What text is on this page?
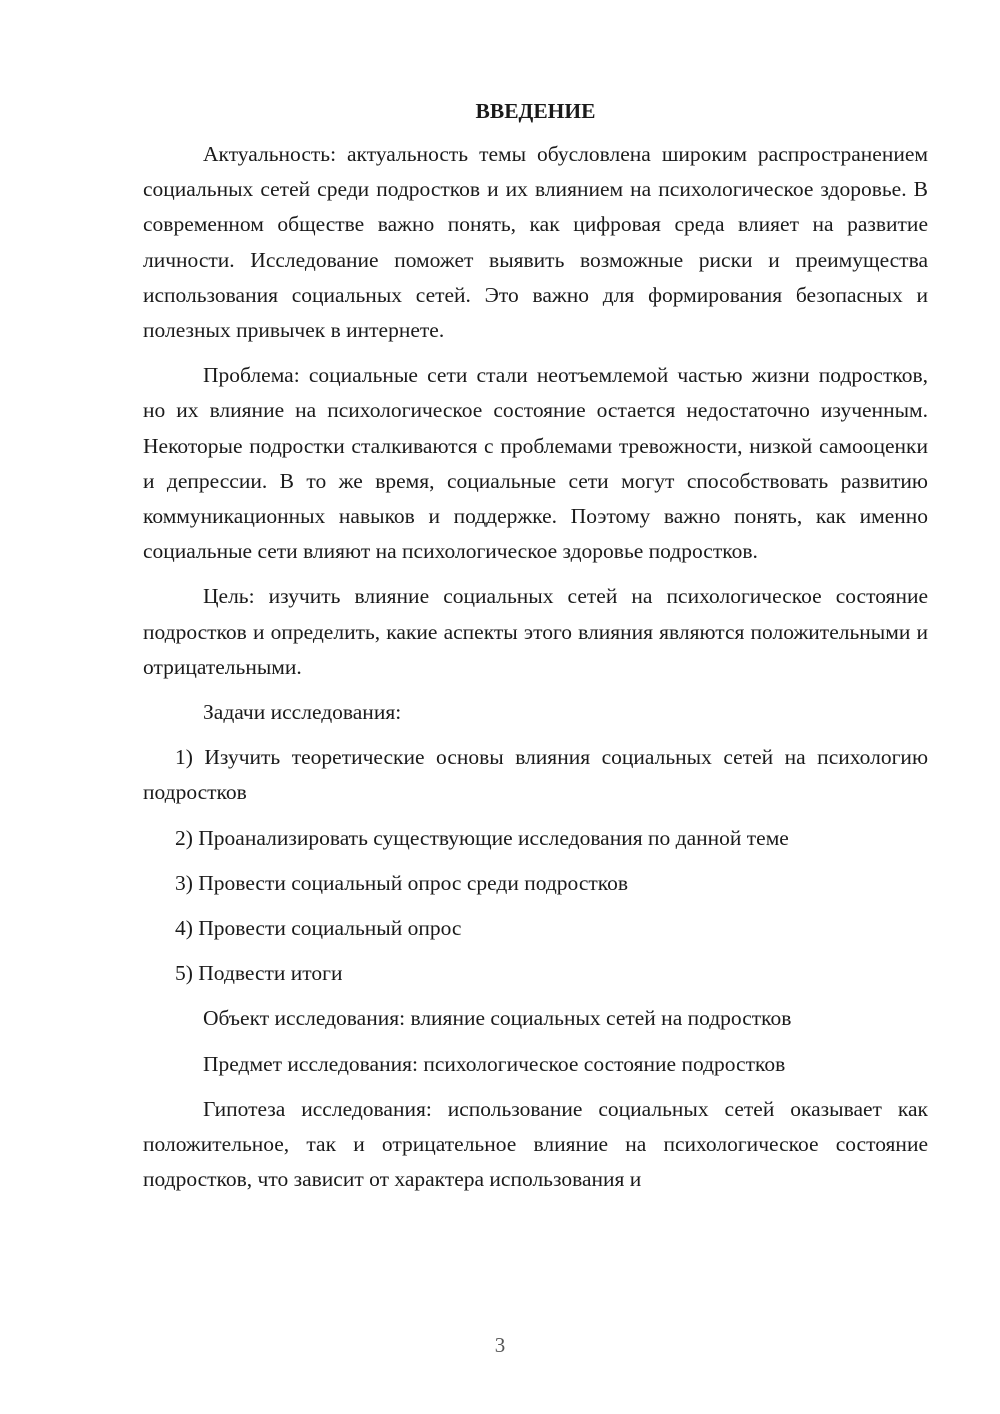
ВВЕДЕНИЕ

Актуальность: актуальность темы обусловлена широким распространением социальных сетей среди подростков и их влиянием на психологическое здоровье. В современном обществе важно понять, как цифровая среда влияет на развитие личности. Исследование поможет выявить возможные риски и преимущества использования социальных сетей. Это важно для формирования безопасных и полезных привычек в интернете.

Проблема: социальные сети стали неотъемлемой частью жизни подростков, но их влияние на психологическое состояние остается недостаточно изученным. Некоторые подростки сталкиваются с проблемами тревожности, низкой самооценки и депрессии. В то же время, социальные сети могут способствовать развитию коммуникационных навыков и поддержке. Поэтому важно понять, как именно социальные сети влияют на психологическое здоровье подростков.

Цель: изучить влияние социальных сетей на психологическое состояние подростков и определить, какие аспекты этого влияния являются положительными и отрицательными.

Задачи исследования:

1) Изучить теоретические основы влияния социальных сетей на психологию подростков

2) Проанализировать существующие исследования по данной теме

3) Провести социальный опрос среди подростков

4) Провести социальный опрос

5) Подвести итоги

Объект исследования: влияние социальных сетей на подростков

Предмет исследования: психологическое состояние подростков

Гипотеза исследования: использование социальных сетей оказывает как положительное, так и отрицательное влияние на психологическое состояние подростков, что зависит от характера использования и

3
